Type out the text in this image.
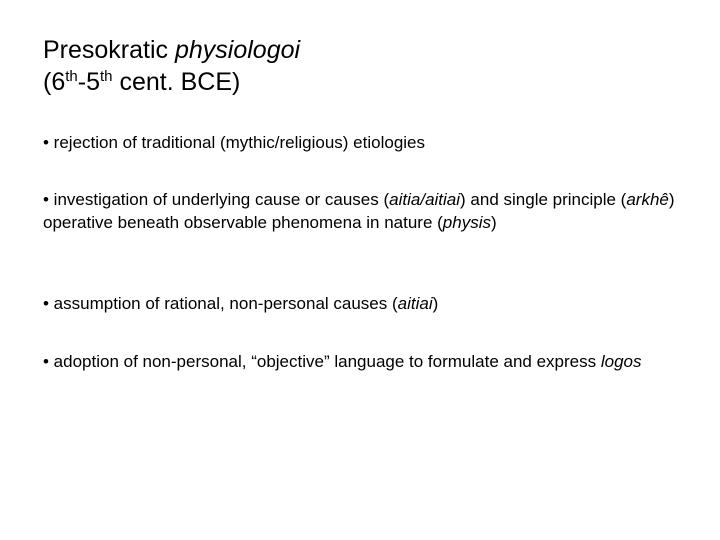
Presokratic physiologoi
(6th-5th cent. BCE)
• rejection of traditional (mythic/religious) etiologies
• investigation of underlying cause or causes (aitia/aitiai) and single principle (arkhê) operative beneath observable phenomena in nature (physis)
• assumption of rational, non-personal causes (aitiai)
• adoption of non-personal, “objective” language to formulate and express logos
